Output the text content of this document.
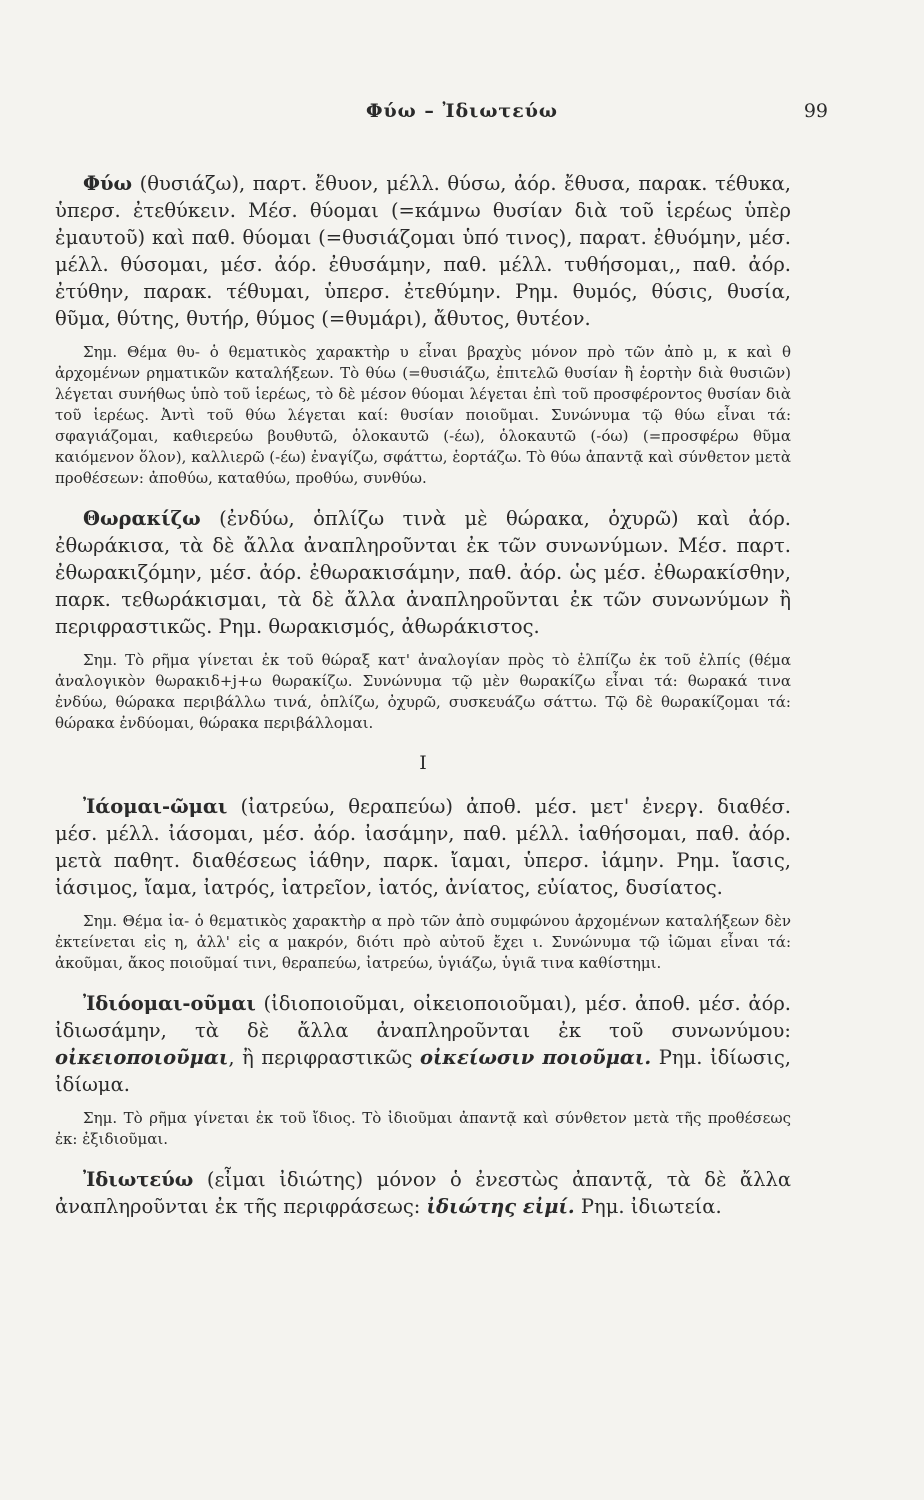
Φύω – Ἰδιωτεύω	99

Φύω (θυσιάζω), παρτ. ἔθυον, μέλλ. θύσω, ἀόρ. ἔθυσα, παρακ. τέθυκα, ὑπερσ. ἐτεθύκειν. Μέσ. θύομαι (=κάμνω θυσίαν διὰ τοῦ ἱερέως ὑπὲρ ἐμαυτοῦ) καὶ παθ. θύομαι (=θυσιάζομαι ὑπό τινος), παρατ. ἐθυόμην, μέσ. μέλλ. θύσομαι, μέσ. ἀόρ. ἐθυσάμην, παθ. μέλλ. τυθήσομαι,, παθ. ἀόρ. ἐτύθην, παρακ. τέθυμαι, ὑπερσ. ἐτεθύμην. Ρημ. θυμός, θύσις, θυσία, θῦμα, θύτης, θυτήρ, θύμος (=θυμάρι), ἄθυτος, θυτέον.

Σημ. Θέμα θυ- ὁ θεματικὸς χαρακτὴρ υ εἶναι βραχὺς μόνον πρὸ τῶν ἀπὸ μ, κ καὶ θ ἀρχομένων ρηματικῶν καταλήξεων. Τὸ θύω (=θυσιάζω, ἐπιτελῶ θυσίαν ἢ ἑορτὴν διὰ θυσιῶν) λέγεται συνήθως ὑπὸ τοῦ ἱερέως, τὸ δὲ μέσον θύομαι λέγεται ἐπὶ τοῦ προσφέροντος θυσίαν διὰ τοῦ ἱερέως. Ἀντὶ τοῦ θύω λέγεται καί: θυσίαν ποιοῦμαι. Συνώνυμα τῷ θύω εἶναι τά: σφαγιάζομαι, καθιερεύω βουθυτῶ, ὁλοκαυτῶ (-έω), ὁλοκαυτῶ (-όω) (=προσφέρω θῦμα καιόμενον ὅλον), καλλιερῶ (-έω) ἐναγίζω, σφάττω, ἑορτάζω. Τὸ θύω ἀπαντᾷ καὶ σύνθετον μετὰ προθέσεων: ἀποθύω, καταθύω, προθύω, συνθύω.

Θωρακίζω (ἐνδύω, ὁπλίζω τινὰ μὲ θώρακα, ὀχυρῶ) καὶ ἀόρ. ἐθωράκισα, τὰ δὲ ἄλλα ἀναπληροῦνται ἐκ τῶν συνωνύμων. Μέσ. παρτ. ἐθωρακιζόμην, μέσ. ἀόρ. ἐθωρακισάμην, παθ. ἀόρ. ὡς μέσ. ἐθωρακίσθην, παρκ. τεθωράκισμαι, τὰ δὲ ἄλλα ἀναπληροῦνται ἐκ τῶν συνωνύμων ἢ περιφραστικῶς. Ρημ. θωρακισμός, ἀθωράκιστος.

Σημ. Τὸ ρῆμα γίνεται ἐκ τοῦ θώραξ κατ' ἀναλογίαν πρὸς τὸ ἐλπίζω ἐκ τοῦ ἐλπίς (θέμα ἀναλογικὸν θωρακιδ+j+ω θωρακίζω. Συνώνυμα τῷ μὲν θωρακίζω εἶναι τά: θωρακά τινα ἐνδύω, θώρακα περιβάλλω τινά, ὁπλίζω, ὀχυρῶ, συσκευάζω σάττω. Τῷ δὲ θωρακίζομαι τά: θώρακα ἐνδύομαι, θώρακα περιβάλλομαι.

Ι

Ἰάομαι-ῶμαι (ἰατρεύω, θεραπεύω) ἀποθ. μέσ. μετ' ἐνεργ. διαθέσ. μέσ. μέλλ. ἰάσομαι, μέσ. ἀόρ. ἰασάμην, παθ. μέλλ. ἰαθήσομαι, παθ. ἀόρ. μετὰ παθητ. διαθέσεως ἰάθην, παρκ. ἴαμαι, ὑπερσ. ἰάμην. Ρημ. ἴασις, ἰάσιμος, ἴαμα, ἰατρός, ἰατρεῖον, ἰατός, ἀνίατος, εὐίατος, δυσίατος.

Σημ. Θέμα ἰα- ὁ θεματικὸς χαρακτὴρ α πρὸ τῶν ἀπὸ συμφώνου ἀρχομένων καταλήξεων δὲν ἐκτείνεται εἰς η, ἀλλ' εἰς α μακρόν, διότι πρὸ αὐτοῦ ἔχει ι. Συνώνυμα τῷ ἰῶμαι εἶναι τά: ἀκοῦμαι, ἄκος ποιοῦμαί τινι, θεραπεύω, ἰατρεύω, ὑγιάζω, ὑγιᾶ τινα καθίστημι.

Ἰδιόομαι-οῦμαι (ἰδιοποιοῦμαι, οἰκειοποιοῦμαι), μέσ. ἀποθ. μέσ. ἀόρ. ἰδιωσάμην, τὰ δὲ ἄλλα ἀναπληροῦνται ἐκ τοῦ συνωνύμου: οἰκειοποιοῦμαι, ἢ περιφραστικῶς οἰκείωσιν ποιοῦμαι. Ρημ. ἰδίωσις, ἰδίωμα.

Σημ. Τὸ ρῆμα γίνεται ἐκ τοῦ ἴδιος. Τὸ ἰδιοῦμαι ἀπαντᾷ καὶ σύνθετον μετὰ τῆς προθέσεως ἐκ: ἐξιδιοῦμαι.

Ἰδιωτεύω (εἶμαι ἰδιώτης) μόνον ὁ ἐνεστὼς ἀπαντᾷ, τὰ δὲ ἄλλα ἀναπληροῦνται ἐκ τῆς περιφράσεως: ἰδιώτης εἰμί. Ρημ. ἰδιωτεία.
